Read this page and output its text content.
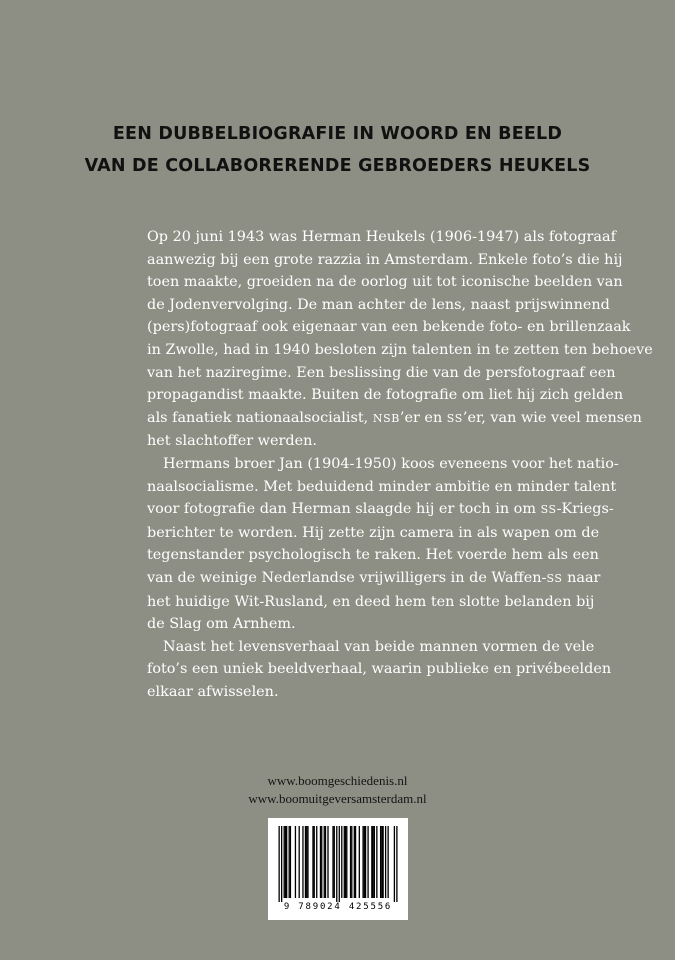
EEN DUBBELBIOGRAFIE IN WOORD EN BEELD
VAN DE COLLABORERENDE GEBROEDERS HEUKELS
Op 20 juni 1943 was Herman Heukels (1906-1947) als fotograaf
aanwezig bij een grote razzia in Amsterdam. Enkele foto’s die hij
toen maakte, groeiden na de oorlog uit tot iconische beelden van
de Jodenvervolging. De man achter de lens, naast prijswinnend
(pers)fotograaf ook eigenaar van een bekende foto- en brillenzaak
in Zwolle, had in 1940 besloten zijn talenten in te zetten ten behoeve
van het naziregime. Een beslissing die van de persfotograaf een
propagandist maakte. Buiten de fotografie om liet hij zich gelden
als fanatiek nationaalsocialist, NSB’er en SS’er, van wie veel mensen
het slachtoffer werden.
Hermans broer Jan (1904-1950) koos eveneens voor het natio-
naalsocialisme. Met beduidend minder ambitie en minder talent
voor fotografie dan Herman slaagde hij er toch in om SS-Kriegs-
berichter te worden. Hij zette zijn camera in als wapen om de
tegenstander psychologisch te raken. Het voerde hem als een
van de weinige Nederlandse vrijwilligers in de Waffen-SS naar
het huidige Wit-Rusland, en deed hem ten slotte belanden bij
de Slag om Arnhem.
Naast het levensverhaal van beide mannen vormen de vele
foto’s een uniek beeldverhaal, waarin publieke en privébeelden
elkaar afwisselen.
www.boomgeschiedenis.nl
www.boomuitgeversamsterdam.nl
9 789024 425556
